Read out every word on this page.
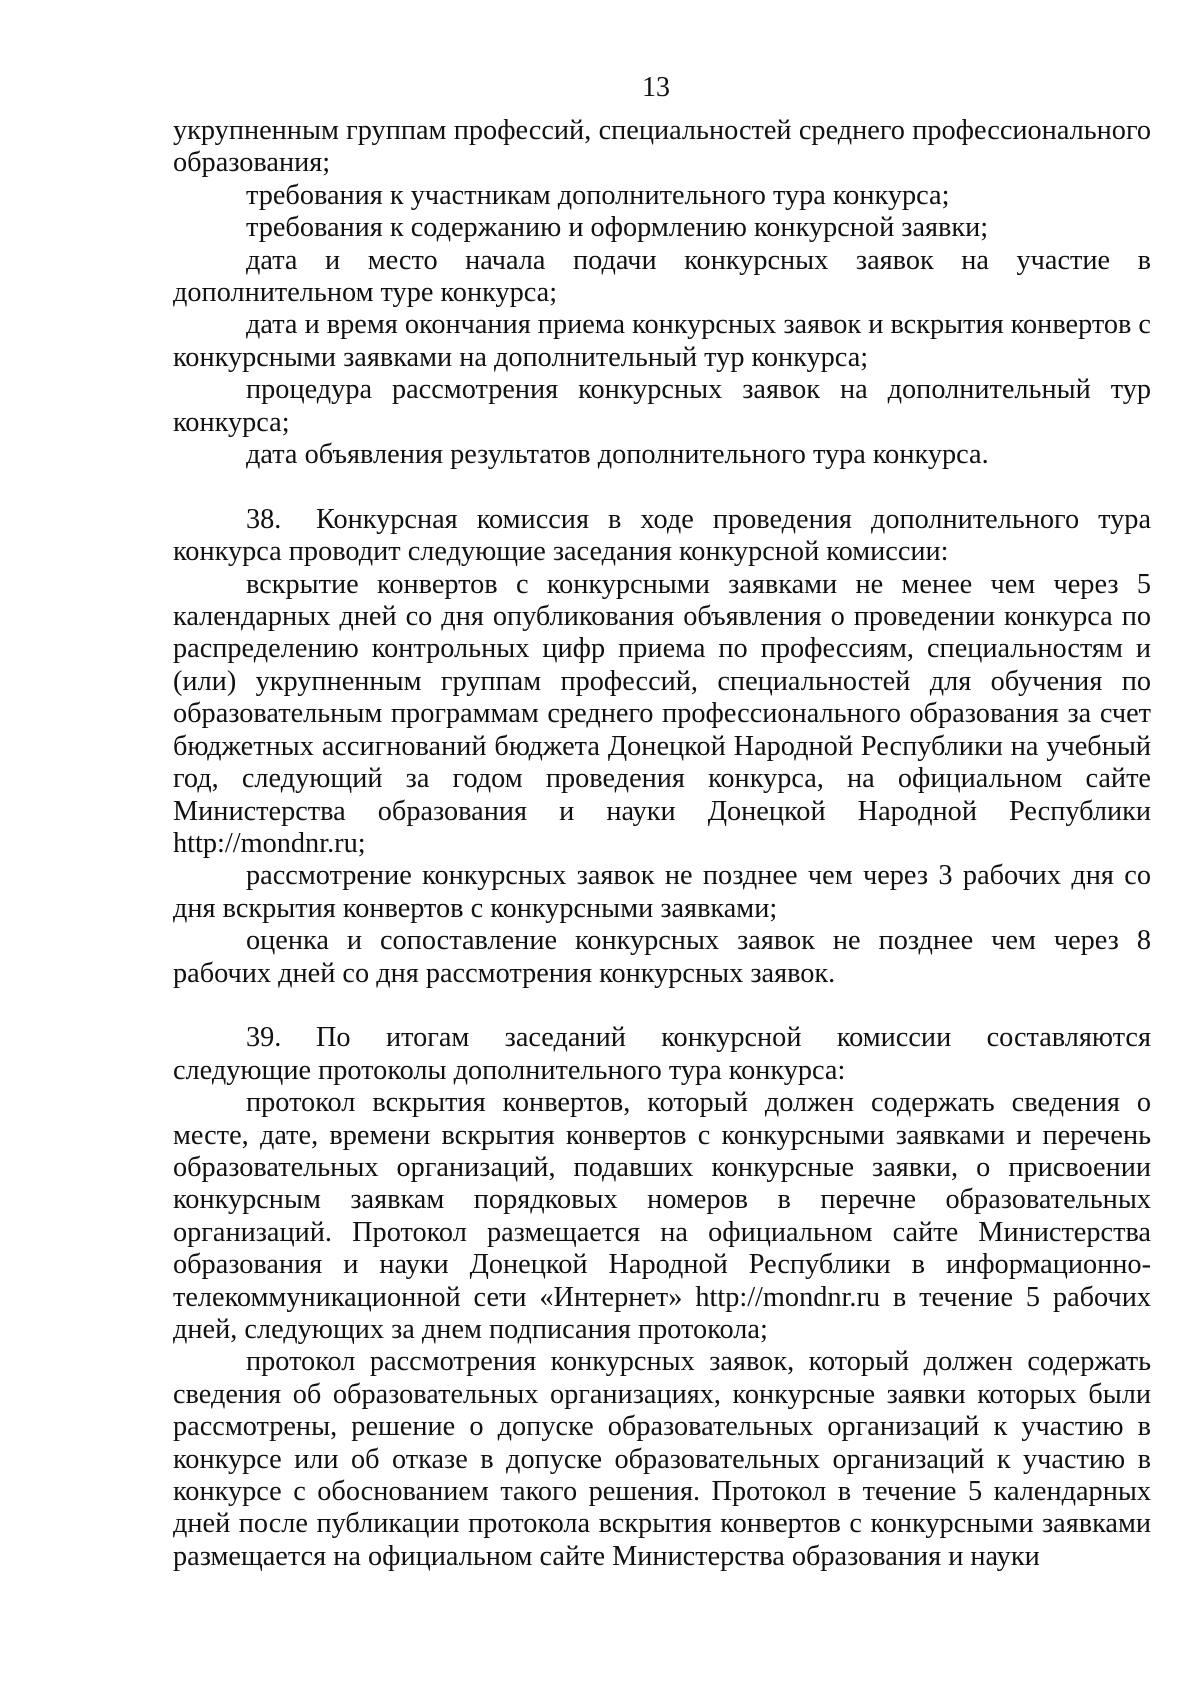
13

укрупненным группам профессий, специальностей среднего профессионального образования;

требования к участникам дополнительного тура конкурса;

требования к содержанию и оформлению конкурсной заявки;

дата и место начала подачи конкурсных заявок на участие в дополнительном туре конкурса;

дата и время окончания приема конкурсных заявок и вскрытия конвертов с конкурсными заявками на дополнительный тур конкурса;

процедура рассмотрения конкурсных заявок на дополнительный тур конкурса;

дата объявления результатов дополнительного тура конкурса.

38. Конкурсная комиссия в ходе проведения дополнительного тура конкурса проводит следующие заседания конкурсной комиссии:

вскрытие конвертов с конкурсными заявками не менее чем через 5 календарных дней со дня опубликования объявления о проведении конкурса по распределению контрольных цифр приема по профессиям, специальностям и (или) укрупненным группам профессий, специальностей для обучения по образовательным программам среднего профессионального образования за счет бюджетных ассигнований бюджета Донецкой Народной Республики на учебный год, следующий за годом проведения конкурса, на официальном сайте Министерства образования и науки Донецкой Народной Республики http://mondnr.ru;

рассмотрение конкурсных заявок не позднее чем через 3 рабочих дня со дня вскрытия конвертов с конкурсными заявками;

оценка и сопоставление конкурсных заявок не позднее чем через 8 рабочих дней со дня рассмотрения конкурсных заявок.

39. По итогам заседаний конкурсной комиссии составляются следующие протоколы дополнительного тура конкурса:

протокол вскрытия конвертов, который должен содержать сведения о месте, дате, времени вскрытия конвертов с конкурсными заявками и перечень образовательных организаций, подавших конкурсные заявки, о присвоении конкурсным заявкам порядковых номеров в перечне образовательных организаций. Протокол размещается на официальном сайте Министерства образования и науки Донецкой Народной Республики в информационно-телекоммуникационной сети «Интернет» http://mondnr.ru в течение 5 рабочих дней, следующих за днем подписания протокола;

протокол рассмотрения конкурсных заявок, который должен содержать сведения об образовательных организациях, конкурсные заявки которых были рассмотрены, решение о допуске образовательных организаций к участию в конкурсе или об отказе в допуске образовательных организаций к участию в конкурсе с обоснованием такого решения. Протокол в течение 5 календарных дней после публикации протокола вскрытия конвертов с конкурсными заявками размещается на официальном сайте Министерства образования и науки
